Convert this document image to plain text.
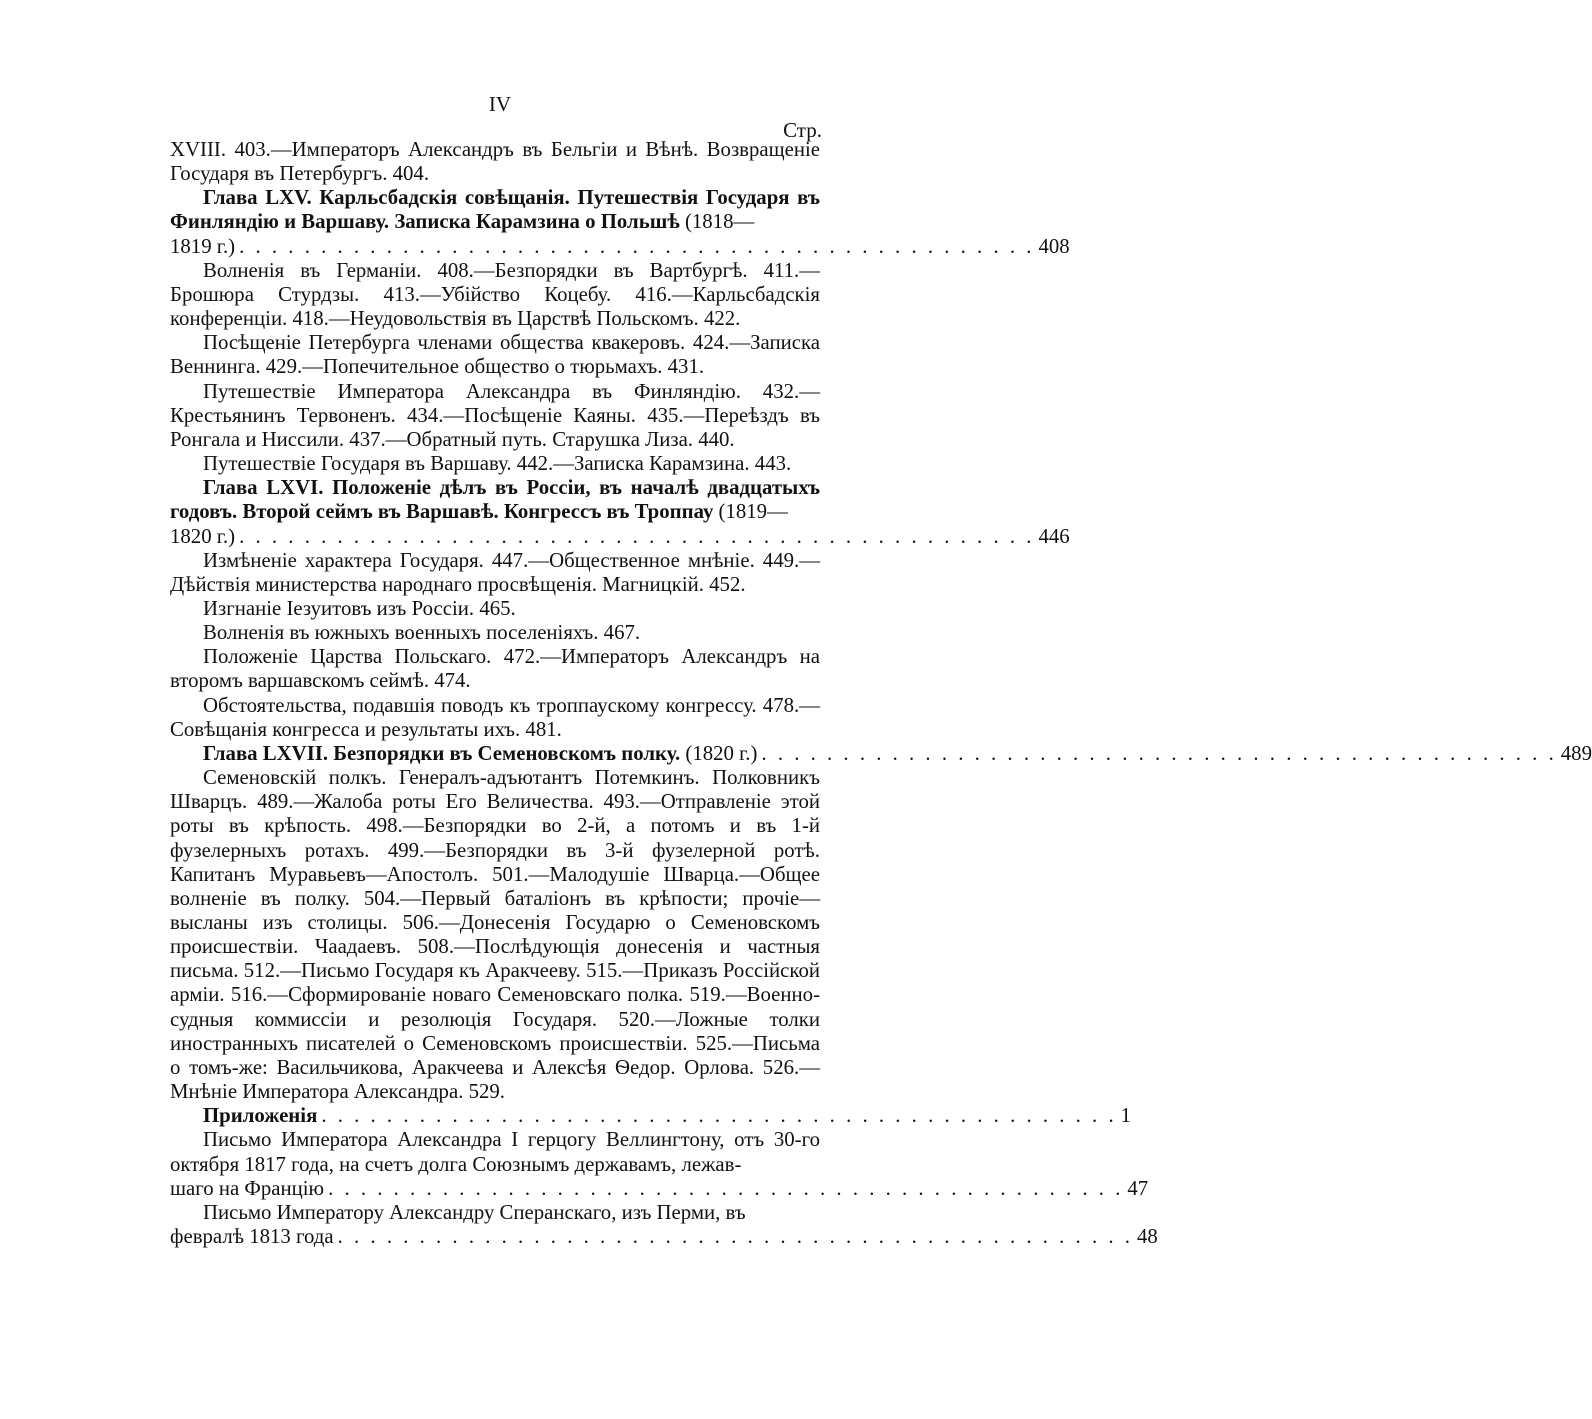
IV
Стр.

XVIII. 403.—Императоръ Александръ въ Бельгіи и Вѣнѣ. Возвращеніе Государя въ Петербургъ. 404.

Глава LXV. Карльсбадскія совѣщанія. Путешествія Государя въ Финляндію и Варшаву. Записка Карамзина о Польшѣ (1818—

1819 г.) . . . . . . . . . . . . . . . . . . . . . . . . . . . . . . . . . . . . . . . . . . . . . . . . . 408

Волненія въ Германіи. 408.—Безпорядки въ Вартбургѣ. 411.—Брошюра Стурдзы. 413.—Убійство Коцебу. 416.—Карльсбадскія конференціи. 418.—Неудовольствія въ Царствѣ Польскомъ. 422.

Посѣщеніе Петербурга членами общества квакеровъ. 424.—Записка Веннинга. 429.—Попечительное общество о тюрьмахъ. 431.

Путешествіе Императора Александра въ Финляндію. 432.—Крестьянинъ Тервоненъ. 434.—Посѣщеніе Каяны. 435.—Переѣздъ въ Ронгала и Ниссили. 437.—Обратный путь. Старушка Лиза. 440.

Путешествіе Государя въ Варшаву. 442.—Записка Карамзина. 443.

Глава LXVI. Положеніе дѣлъ въ Россіи, въ началѣ двадцатыхъ годовъ. Второй сеймъ въ Варшавѣ. Конгрессъ въ Троппау (1819—

1820 г.) . . . . . . . . . . . . . . . . . . . . . . . . . . . . . . . . . . . . . . . . . . . . . . . . . 446

Измѣненіе характера Государя. 447.—Общественное мнѣніе. 449.—Дѣйствія министерства народнаго просвѣщенія. Магницкій. 452.

Изгнаніе Іезуитовъ изъ Россіи. 465.

Волненія въ южныхъ военныхъ поселеніяхъ. 467.

Положеніе Царства Польскаго. 472.—Императоръ Александръ на второмъ варшавскомъ сеймѣ. 474.

Обстоятельства, подавшія поводъ къ троппаускому конгрессу. 478.—Совѣщанія конгресса и результаты ихъ. 481.

Глава LXVII. Безпорядки въ Семеновскомъ полку. (1820 г.) . . . . . . . . . . . . . . . . . . . . . . . . . . . . . . . . . . . . . . . . . . . . . . . . . 489

Семеновскій полкъ. Генералъ-адъютантъ Потемкинъ. Полковникъ Шварцъ. 489.—Жалоба роты Его Величества. 493.—Отправленіе этой роты въ крѣпость. 498.—Безпорядки во 2-й, а потомъ и въ 1-й фузелерныхъ ротахъ. 499.—Безпорядки въ 3-й фузелерной ротѣ. Капитанъ Муравьевъ—Апостолъ. 501.—Малодушіе Шварца.—Общее волненіе въ полку. 504.—Первый баталіонъ въ крѣпости; прочіе—высланы изъ столицы. 506.—Донесенія Государю о Семеновскомъ происшествіи. Чаадаевъ. 508.—Послѣдующія донесенія и частныя письма. 512.—Письмо Государя къ Аракчееву. 515.—Приказъ Россійской арміи. 516.—Сформированіе новаго Семеновскаго полка. 519.—Военно-судныя коммиссіи и резолюція Государя. 520.—Ложные толки иностранныхъ писателей о Семеновскомъ происшествіи. 525.—Письма о томъ-же: Васильчикова, Аракчеева и Алексѣя Ѳедор. Орлова. 526.—Мнѣніе Императора Александра. 529.

Приложенія . . . . . . . . . . . . . . . . . . . . . . . . . . . . . . . . . . . . . . . . . . . . . . . . . 1

Письмо Императора Александра I герцогу Веллингтону, отъ 30-го октября 1817 года, на счетъ долга Союзнымъ державамъ, лежав-

шаго на Францію . . . . . . . . . . . . . . . . . . . . . . . . . . . . . . . . . . . . . . . . . . . . . . . . . 47

Письмо Императору Александру Сперанскаго, изъ Перми, въ

февралѣ 1813 года . . . . . . . . . . . . . . . . . . . . . . . . . . . . . . . . . . . . . . . . . . . . . . . . . 48
